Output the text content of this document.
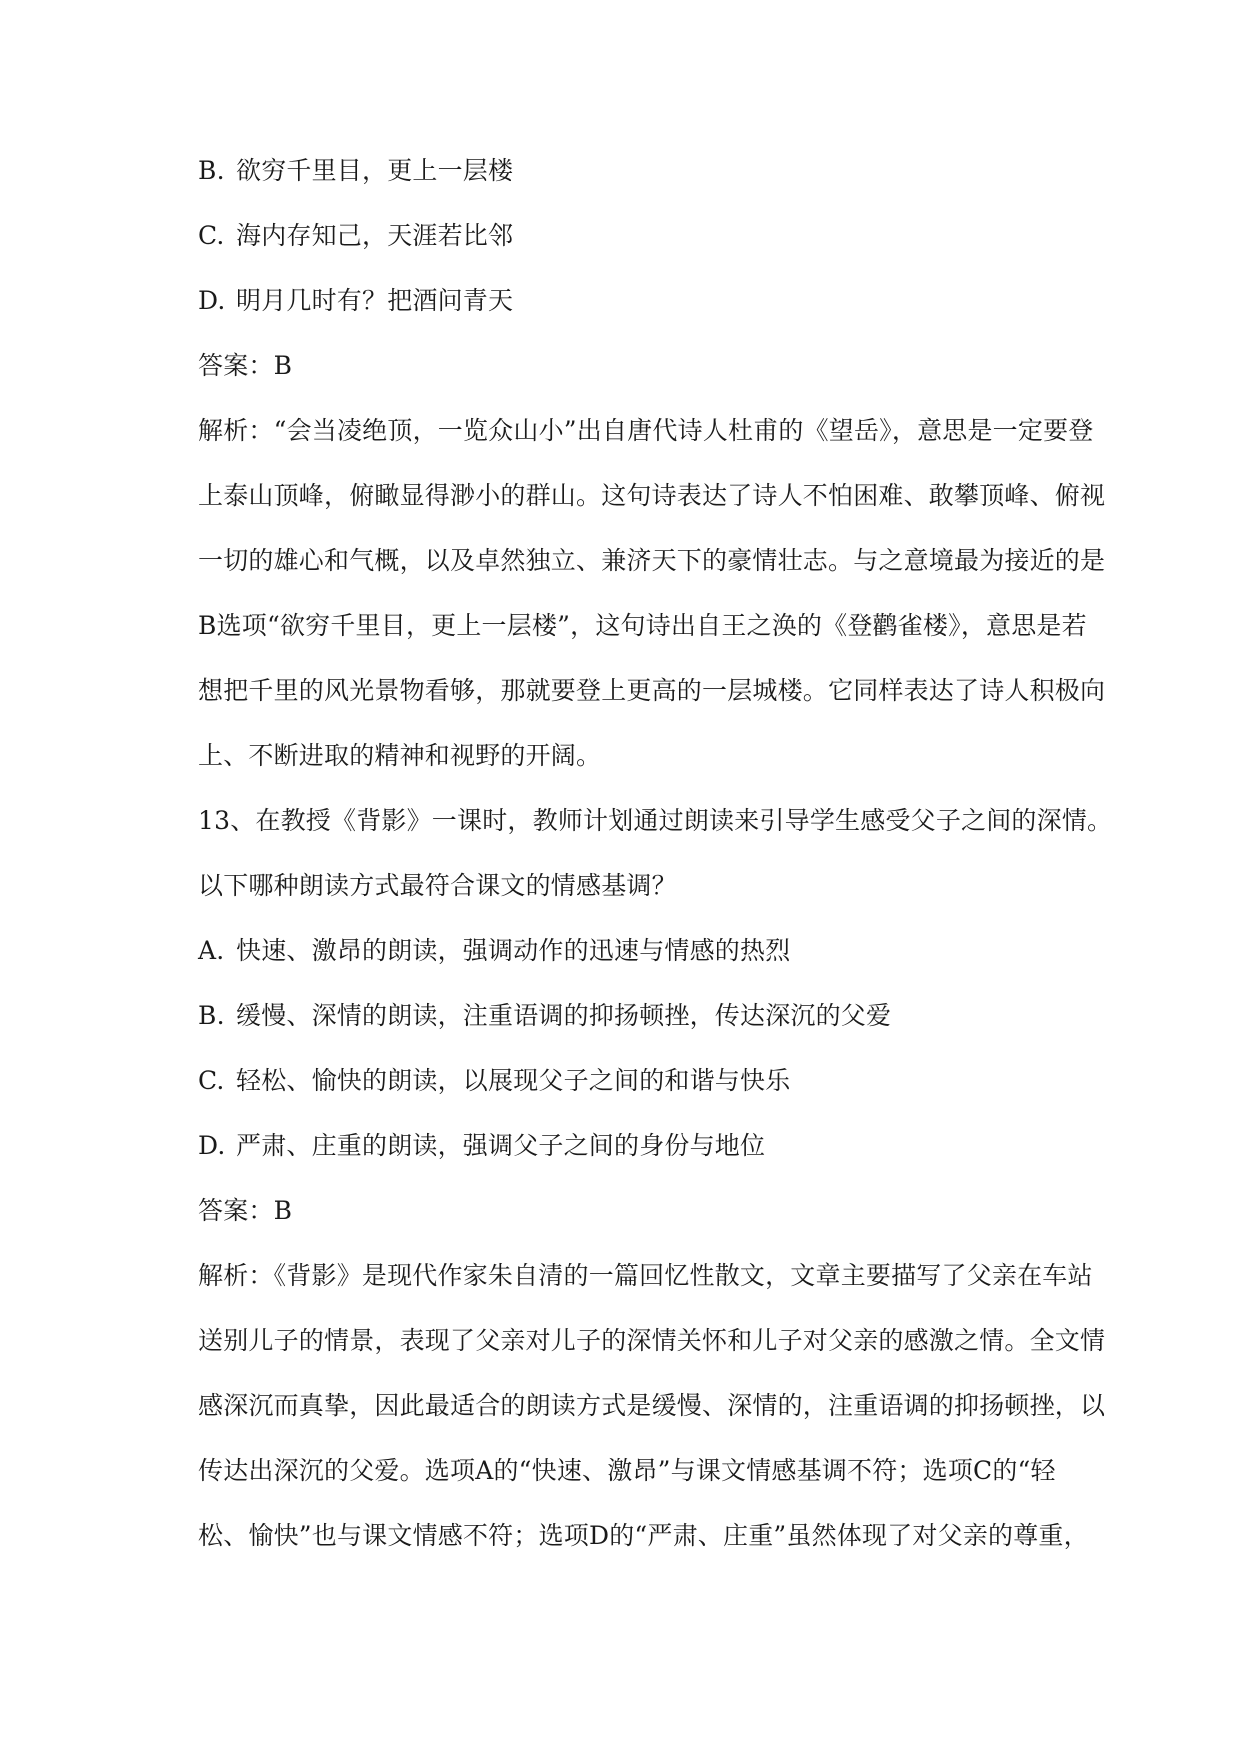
B. 欲穷千里目，更上一层楼
C. 海内存知己，天涯若比邻
D. 明月几时有？把酒问青天
答案：B
解析：“会当凌绝顶，一览众山小”出自唐代诗人杜甫的《望岳》，意思是一定要登
上泰山顶峰，俯瞰显得渺小的群山。这句诗表达了诗人不怕困难、敢攀顶峰、俯视
一切的雄心和气概，以及卓然独立、兼济天下的豪情壮志。与之意境最为接近的是
B选项“欲穷千里目，更上一层楼”，这句诗出自王之涣的《登鹳雀楼》，意思是若
想把千里的风光景物看够，那就要登上更高的一层城楼。它同样表达了诗人积极向
上、不断进取的精神和视野的开阔。
13、在教授《背影》一课时，教师计划通过朗读来引导学生感受父子之间的深情。
以下哪种朗读方式最符合课文的情感基调？
A. 快速、激昂的朗读，强调动作的迅速与情感的热烈
B. 缓慢、深情的朗读，注重语调的抑扬顿挫，传达深沉的父爱
C. 轻松、愉快的朗读，以展现父子之间的和谐与快乐
D. 严肃、庄重的朗读，强调父子之间的身份与地位
答案：B
解析：《背影》是现代作家朱自清的一篇回忆性散文，文章主要描写了父亲在车站
送别儿子的情景，表现了父亲对儿子的深情关怀和儿子对父亲的感激之情。全文情
感深沉而真挚，因此最适合的朗读方式是缓慢、深情的，注重语调的抑扬顿挫，以
传达出深沉的父爱。选项A的“快速、激昂”与课文情感基调不符；选项C的“轻
松、愉快”也与课文情感不符；选项D的“严肃、庄重”虽然体现了对父亲的尊重，
